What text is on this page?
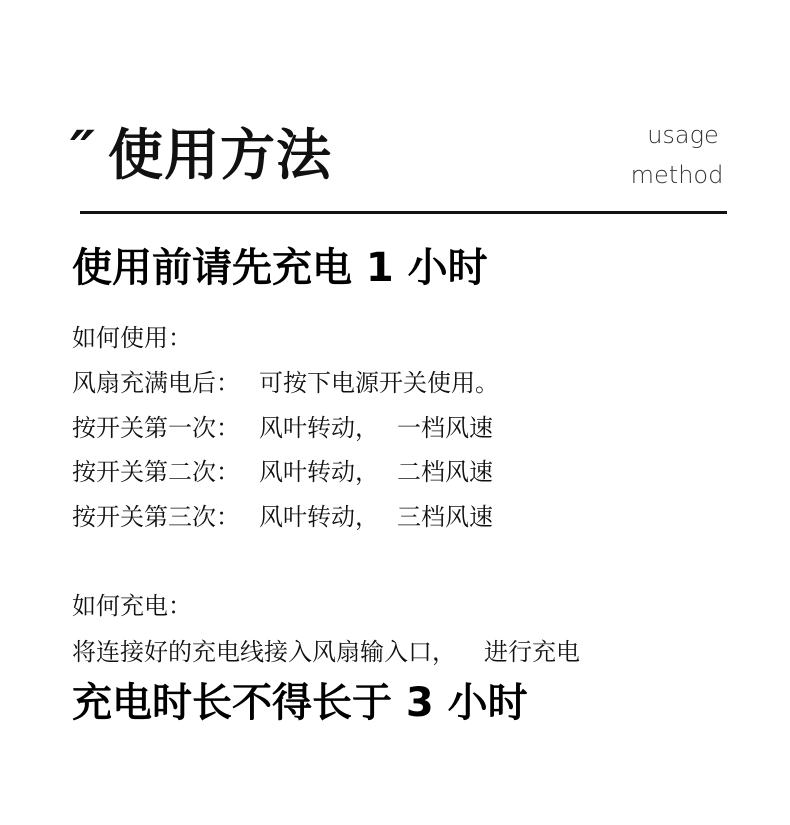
″ 使用方法	usage
method
使用前请先充电 1 小时
如何使用：
风扇充满电后： 可按下电源开关使用。
按开关第一次： 风叶转动， 一档风速
按开关第二次： 风叶转动， 二档风速
按开关第三次： 风叶转动， 三档风速
如何充电：
将连接好的充电线接入风扇输入口， 进行充电
充电时长不得长于 3 小时
